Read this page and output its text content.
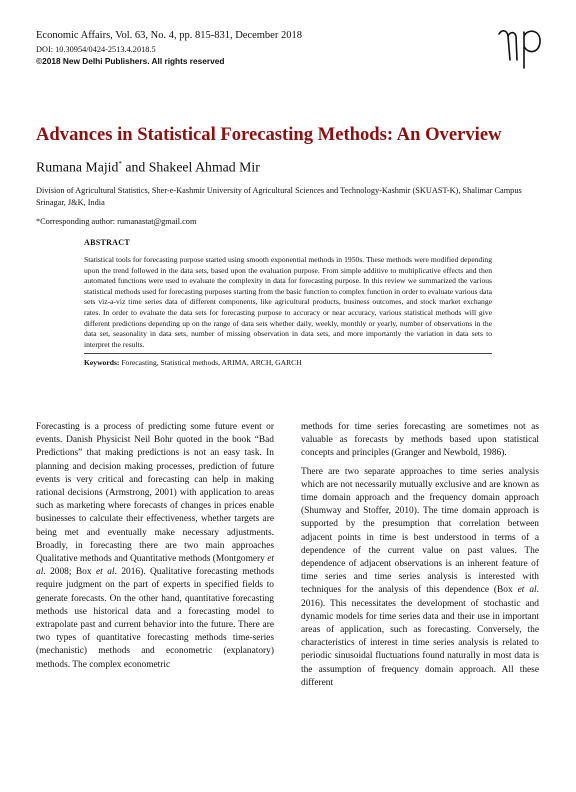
Economic Affairs, Vol. 63, No. 4, pp. 815-831, December 2018
DOI: 10.30954/0424-2513.4.2018.5
©2018 New Delhi Publishers. All rights reserved
Advances in Statistical Forecasting Methods: An Overview
Rumana Majid* and Shakeel Ahmad Mir
Division of Agricultural Statistics, Sher-e-Kashmir University of Agricultural Sciences and Technology-Kashmir (SKUAST-K), Shalimar Campus Srinagar, J&K, India
*Corresponding author: rumanastat@gmail.com
ABSTRACT

Statistical tools for forecasting purpose started using smooth exponential methods in 1950s. These methods were modified depending upon the trend followed in the data sets, based upon the evaluation purpose. From simple additive to multiplicative effects and then automated functions were used to evaluate the complexity in data for forecasting purpose. In this review we summarized the various statistical methods used for forecasting purposes starting from the basic function to complex function in order to evaluate various data sets viz-a-viz time series data of different components, like agricultural products, business outcomes, and stock market exchange rates. In order to evaluate the data sets for forecasting purpose to accuracy or near accuracy, various statistical methods will give different predictions depending up on the range of data sets whether daily, weekly, monthly or yearly, number of observations in the data set, seasonality in data sets, number of missing observation in data sets, and more importantly the variation in data sets to interpret the results.

Keywords: Forecasting, Statistical methods, ARIMA, ARCH, GARCH

Forecasting is a process of predicting some future event or events. Danish Physicist Neil Bohr quoted in the book “Bad Predictions” that making predictions is not an easy task. In planning and decision making processes, prediction of future events is very critical and forecasting can help in making rational decisions (Armstrong, 2001) with application to areas such as marketing where forecasts of changes in prices enable businesses to calculate their effectiveness, whether targets are being met and eventually make necessary adjustments. Broadly, in forecasting there are two main approaches Qualitative methods and Quantitative methods (Montgomery et al. 2008; Box et al. 2016). Qualitative forecasting methods require judgment on the part of experts in specified fields to generate forecasts. On the other hand, quantitative forecasting methods use historical data and a forecasting model to extrapolate past and current behavior into the future. There are two types of quantitative forecasting methods time-series (mechanistic) methods and econometric (explanatory) methods. The complex econometric

methods for time series forecasting are sometimes not as valuable as forecasts by methods based upon statistical concepts and principles (Granger and Newbold, 1986).

There are two separate approaches to time series analysis which are not necessarily mutually exclusive and are known as time domain approach and the frequency domain approach (Shumway and Stoffer, 2010). The time domain approach is supported by the presumption that correlation between adjacent points in time is best understood in terms of a dependence of the current value on past values. The dependence of adjacent observations is an inherent feature of time series and time series analysis is interested with techniques for the analysis of this dependence (Box et al. 2016). This necessitates the development of stochastic and dynamic models for time series data and their use in important areas of application, such as forecasting. Conversely, the characteristics of interest in time series analysis is related to periodic sinusoidal fluctuations found naturally in most data is the assumption of frequency domain approach. All these different
